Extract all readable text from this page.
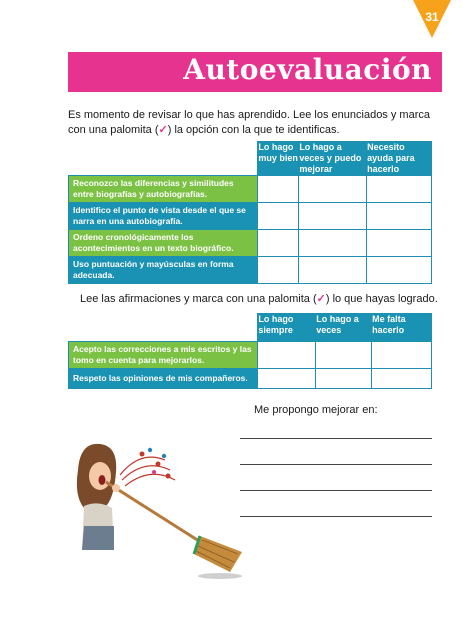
31
Autoevaluación
Es momento de revisar lo que has aprendido. Lee los enunciados y marca con una palomita (✓) la opción con la que te identificas.
	Lo hago muy bien	Lo hago a veces y puedo mejorar	Necesito ayuda para hacerlo
Reconozco las diferencias y similitudes entre biografías y autobiografías.			
Identifico el punto de vista desde el que se narra en una autobiografía.			
Ordeno cronológicamente los acontecimientos en un texto biográfico.			
Uso puntuación y mayúsculas en forma adecuada.			
Lee las afirmaciones y marca con una palomita (✓) lo que hayas logrado.
	Lo hago siempre	Lo hago a veces	Me falta hacerlo
Acepto las correcciones a mis escritos y las tomo en cuenta para mejorarlos.			
Respeto las opiniones de mis compañeros.			
Me propongo mejorar en:
